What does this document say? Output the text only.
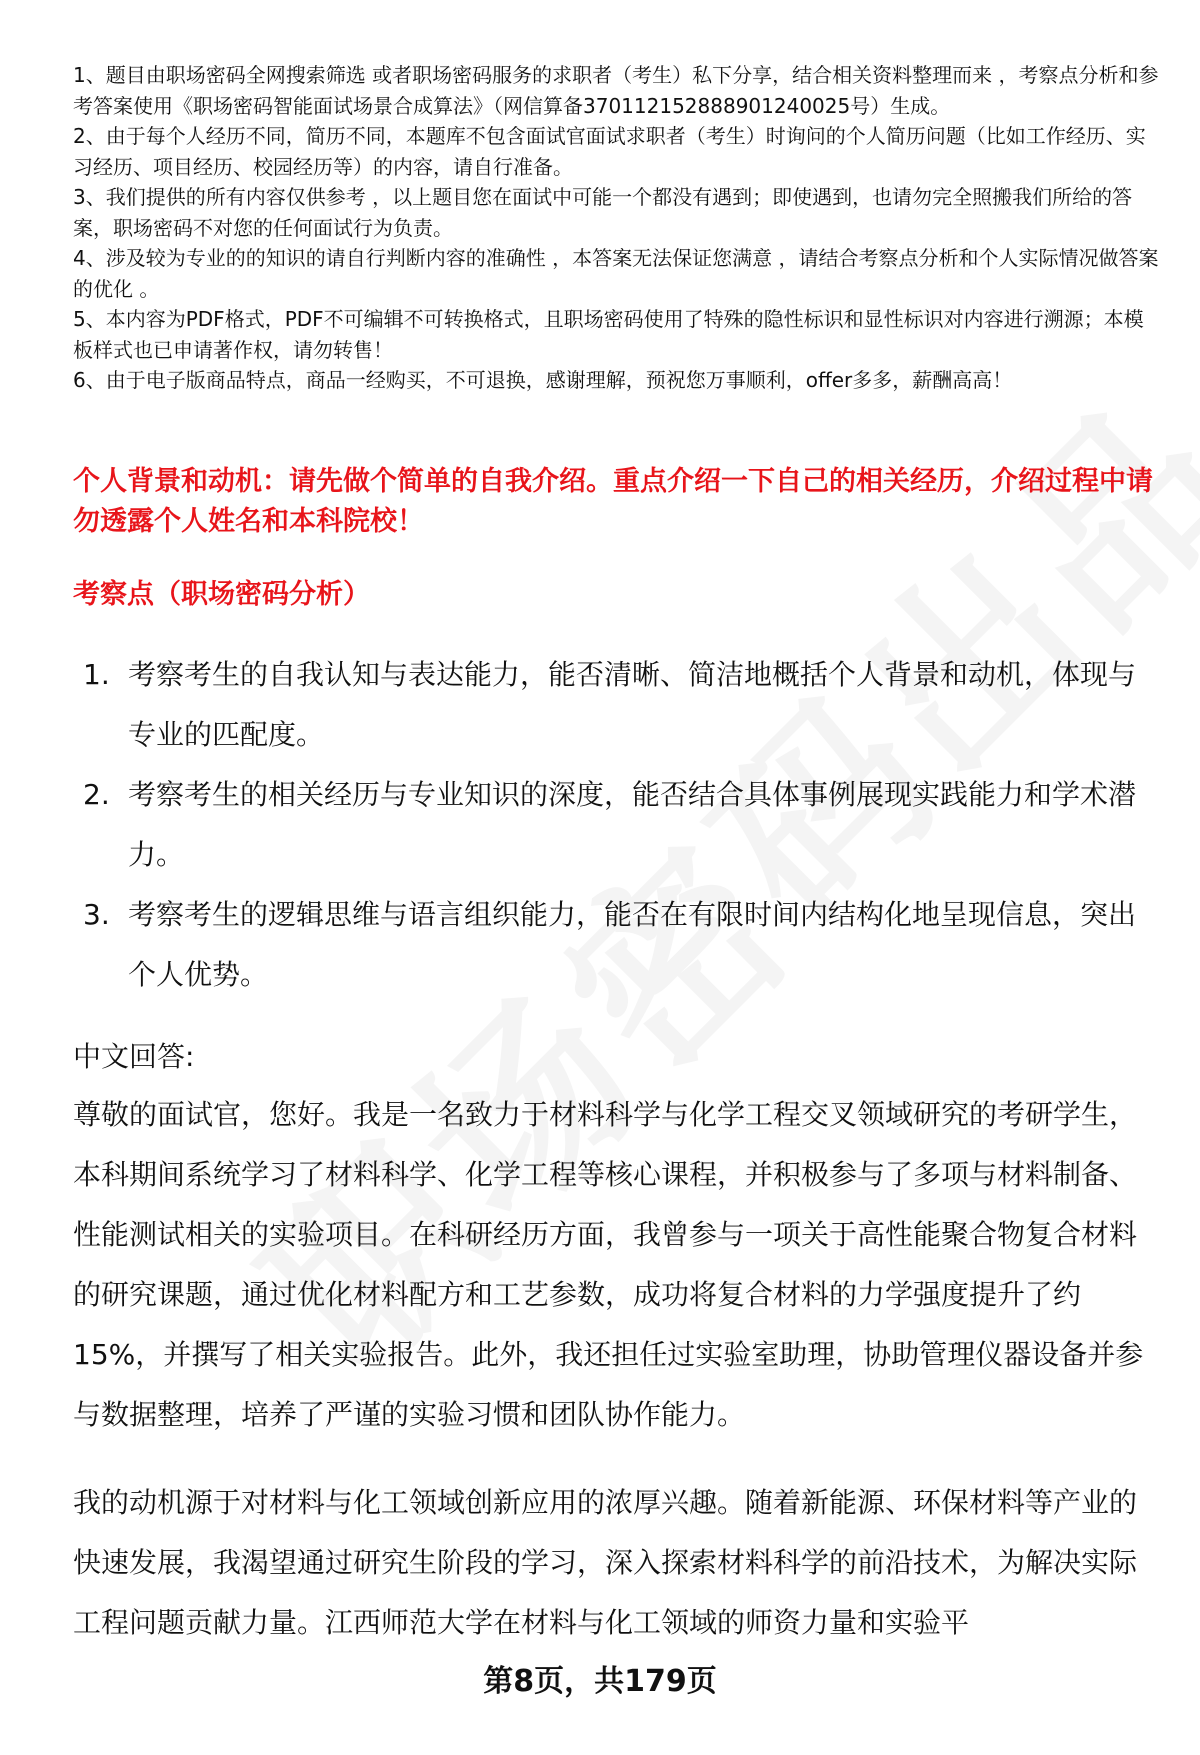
1、题目由职场密码全网搜索筛选 或者职场密码服务的求职者（考生）私下分享，结合相关资料整理而来 ，考察点分析和参考答案使用《职场密码智能面试场景合成算法》（网信算备370112152888901240025号）生成。

2、由于每个人经历不同，简历不同，本题库不包含面试官面试求职者（考生）时询问的个人简历问题（比如工作经历、实习经历、项目经历、校园经历等）的内容，请自行准备。

3、我们提供的所有内容仅供参考 ，以上题目您在面试中可能一个都没有遇到；即使遇到，也请勿完全照搬我们所给的答案，职场密码不对您的任何面试行为负责。

4、涉及较为专业的的知识的请自行判断内容的准确性 ，本答案无法保证您满意 ，请结合考察点分析和个人实际情况做答案的优化 。

5、本内容为PDF格式，PDF不可编辑不可转换格式，且职场密码使用了特殊的隐性标识和显性标识对内容进行溯源；本模板样式也已申请著作权，请勿转售！

6、由于电子版商品特点，商品一经购买，不可退换，感谢理解，预祝您万事顺利，offer多多，薪酬高高！

个人背景和动机：请先做个简单的自我介绍。重点介绍一下自己的相关经历，介绍过程中请勿透露个人姓名和本科院校！
考察点（职场密码分析）
1. 考察考生的自我认知与表达能力，能否清晰、简洁地概括个人背景和动机，体现与专业的匹配度。
2. 考察考生的相关经历与专业知识的深度，能否结合具体事例展现实践能力和学术潜力。
3. 考察考生的逻辑思维与语言组织能力，能否在有限时间内结构化地呈现信息，突出个人优势。
中文回答:

尊敬的面试官，您好。我是一名致力于材料科学与化学工程交叉领域研究的考研学生，本科期间系统学习了材料科学、化学工程等核心课程，并积极参与了多项与材料制备、性能测试相关的实验项目。在科研经历方面，我曾参与一项关于高性能聚合物复合材料的研究课题，通过优化材料配方和工艺参数，成功将复合材料的力学强度提升了约15%，并撰写了相关实验报告。此外，我还担任过实验室助理，协助管理仪器设备并参与数据整理，培养了严谨的实验习惯和团队协作能力。

我的动机源于对材料与化工领域创新应用的浓厚兴趣。随着新能源、环保材料等产业的快速发展，我渴望通过研究生阶段的学习，深入探索材料科学的前沿技术，为解决实际工程问题贡献力量。江西师范大学在材料与化工领域的师资力量和实验平

第8页，共179页
